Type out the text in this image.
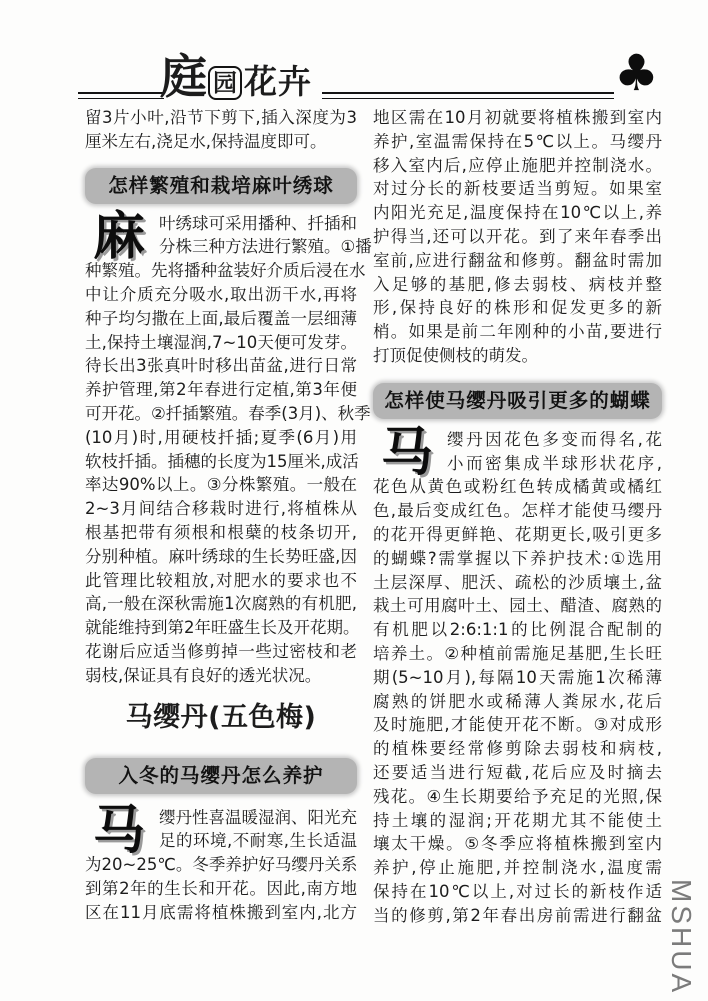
庭 园 花卉	♣
留3片小叶,沿节下剪下,插入深度为3
厘米左右,浇足水,保持温度即可。
怎样繁殖和栽培麻叶绣球
麻 叶绣球可采用播种、扦插和
分株三种方法进行繁殖。①播
种繁殖。先将播种盆装好介质后浸在水
中让介质充分吸水,取出沥干水,再将
种子均匀撒在上面,最后覆盖一层细薄
土,保持土壤湿润,7~10天便可发芽。
待长出3张真叶时移出苗盆,进行日常
养护管理,第2年春进行定植,第3年便
可开花。②扦插繁殖。春季(3月)、秋季
(10月)时,用硬枝扦插;夏季(6月)用
软枝扦插。插穗的长度为15厘米,成活
率达90%以上。③分株繁殖。一般在
2~3月间结合移栽时进行,将植株从
根基把带有须根和根蘖的枝条切开,
分别种植。麻叶绣球的生长势旺盛,因
此管理比较粗放,对肥水的要求也不
高,一般在深秋需施1次腐熟的有机肥,
就能维持到第2年旺盛生长及开花期。
花谢后应适当修剪掉一些过密枝和老
弱枝,保证具有良好的透光状况。
马缨丹(五色梅)
入冬的马缨丹怎么养护
马 缨丹性喜温暖湿润、阳光充
足的环境,不耐寒,生长适温
为20~25℃。冬季养护好马缨丹关系
到第2年的生长和开花。因此,南方地
区在11月底需将植株搬到室内,北方
地区需在10月初就要将植株搬到室内
养护,室温需保持在5℃以上。马缨丹
移入室内后,应停止施肥并控制浇水。
对过分长的新枝要适当剪短。如果室
内阳光充足,温度保持在10℃以上,养
护得当,还可以开花。到了来年春季出
室前,应进行翻盆和修剪。翻盆时需加
入足够的基肥,修去弱枝、病枝并整
形,保持良好的株形和促发更多的新
梢。如果是前二年刚种的小苗,要进行
打顶促使侧枝的萌发。
怎样使马缨丹吸引更多的蝴蝶
马 缨丹因花色多变而得名,花
小而密集成半球形状花序,
花色从黄色或粉红色转成橘黄或橘红
色,最后变成红色。怎样才能使马缨丹
的花开得更鲜艳、花期更长,吸引更多
的蝴蝶?需掌握以下养护技术:①选用
土层深厚、肥沃、疏松的沙质壤土,盆
栽土可用腐叶土、园土、醋渣、腐熟的
有机肥以2:6:1:1的比例混合配制的
培养土。②种植前需施足基肥,生长旺
期(5~10月),每隔10天需施1次稀薄
腐熟的饼肥水或稀薄人粪尿水,花后
及时施肥,才能使开花不断。③对成形
的植株要经常修剪除去弱枝和病枝,
还要适当进行短截,花后应及时摘去
残花。④生长期要给予充足的光照,保
持土壤的湿润;开花期尤其不能使土
壤太干燥。⑤冬季应将植株搬到室内
养护,停止施肥,并控制浇水,温度需
保持在10℃以上,对过长的新枝作适
当的修剪,第2年春出房前需进行翻盆 MSHUA
